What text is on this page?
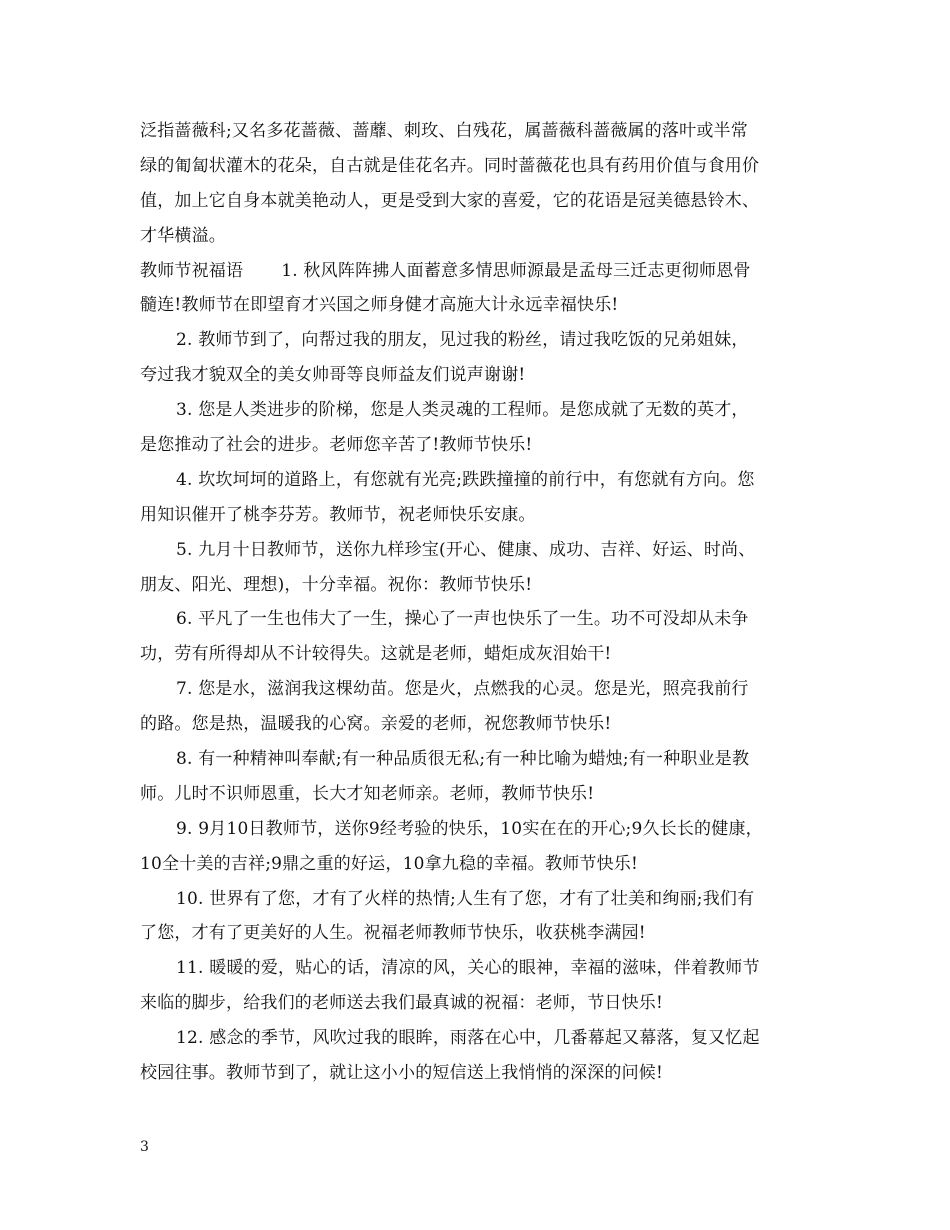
泛指蔷薇科;又名多花蔷薇、蔷蘼、刺玫、白残花，属蔷薇科蔷薇属的落叶或半常
绿的匍匐状灌木的花朵，自古就是佳花名卉。同时蔷薇花也具有药用价值与食用价
值，加上它自身本就美艳动人，更是受到大家的喜爱，它的花语是冠美德悬铃木、
才华横溢。
教师节祝福语 1. 秋风阵阵拂人面蓄意多情思师源最是孟母三迁志更彻师恩骨
髓连!教师节在即望育才兴国之师身健才高施大计永远幸福快乐!
2. 教师节到了，向帮过我的朋友，见过我的粉丝，请过我吃饭的兄弟姐妹，
夸过我才貌双全的美女帅哥等良师益友们说声谢谢!
3. 您是人类进步的阶梯，您是人类灵魂的工程师。是您成就了无数的英才，
是您推动了社会的进步。老师您辛苦了!教师节快乐!
4. 坎坎坷坷的道路上，有您就有光亮;跌跌撞撞的前行中，有您就有方向。您
用知识催开了桃李芬芳。教师节，祝老师快乐安康。
5. 九月十日教师节，送你九样珍宝(开心、健康、成功、吉祥、好运、时尚、
朋友、阳光、理想)，十分幸福。祝你：教师节快乐!
6. 平凡了一生也伟大了一生，操心了一声也快乐了一生。功不可没却从未争
功，劳有所得却从不计较得失。这就是老师，蜡炬成灰泪始干!
7. 您是水，滋润我这棵幼苗。您是火，点燃我的心灵。您是光，照亮我前行
的路。您是热，温暖我的心窝。亲爱的老师，祝您教师节快乐!
8. 有一种精神叫奉献;有一种品质很无私;有一种比喻为蜡烛;有一种职业是教
师。儿时不识师恩重，长大才知老师亲。老师，教师节快乐!
9. 9月10日教师节，送你9经考验的快乐，10实在在的开心;9久长长的健康，
10全十美的吉祥;9鼎之重的好运，10拿九稳的幸福。教师节快乐!
10. 世界有了您，才有了火样的热情;人生有了您，才有了壮美和绚丽;我们有
了您，才有了更美好的人生。祝福老师教师节快乐，收获桃李满园!
11. 暖暖的爱，贴心的话，清凉的风，关心的眼神，幸福的滋味，伴着教师节
来临的脚步，给我们的老师送去我们最真诚的祝福：老师，节日快乐!
12. 感念的季节，风吹过我的眼眸，雨落在心中，几番幕起又幕落，复又忆起
校园往事。教师节到了，就让这小小的短信送上我悄悄的深深的问候!
3
